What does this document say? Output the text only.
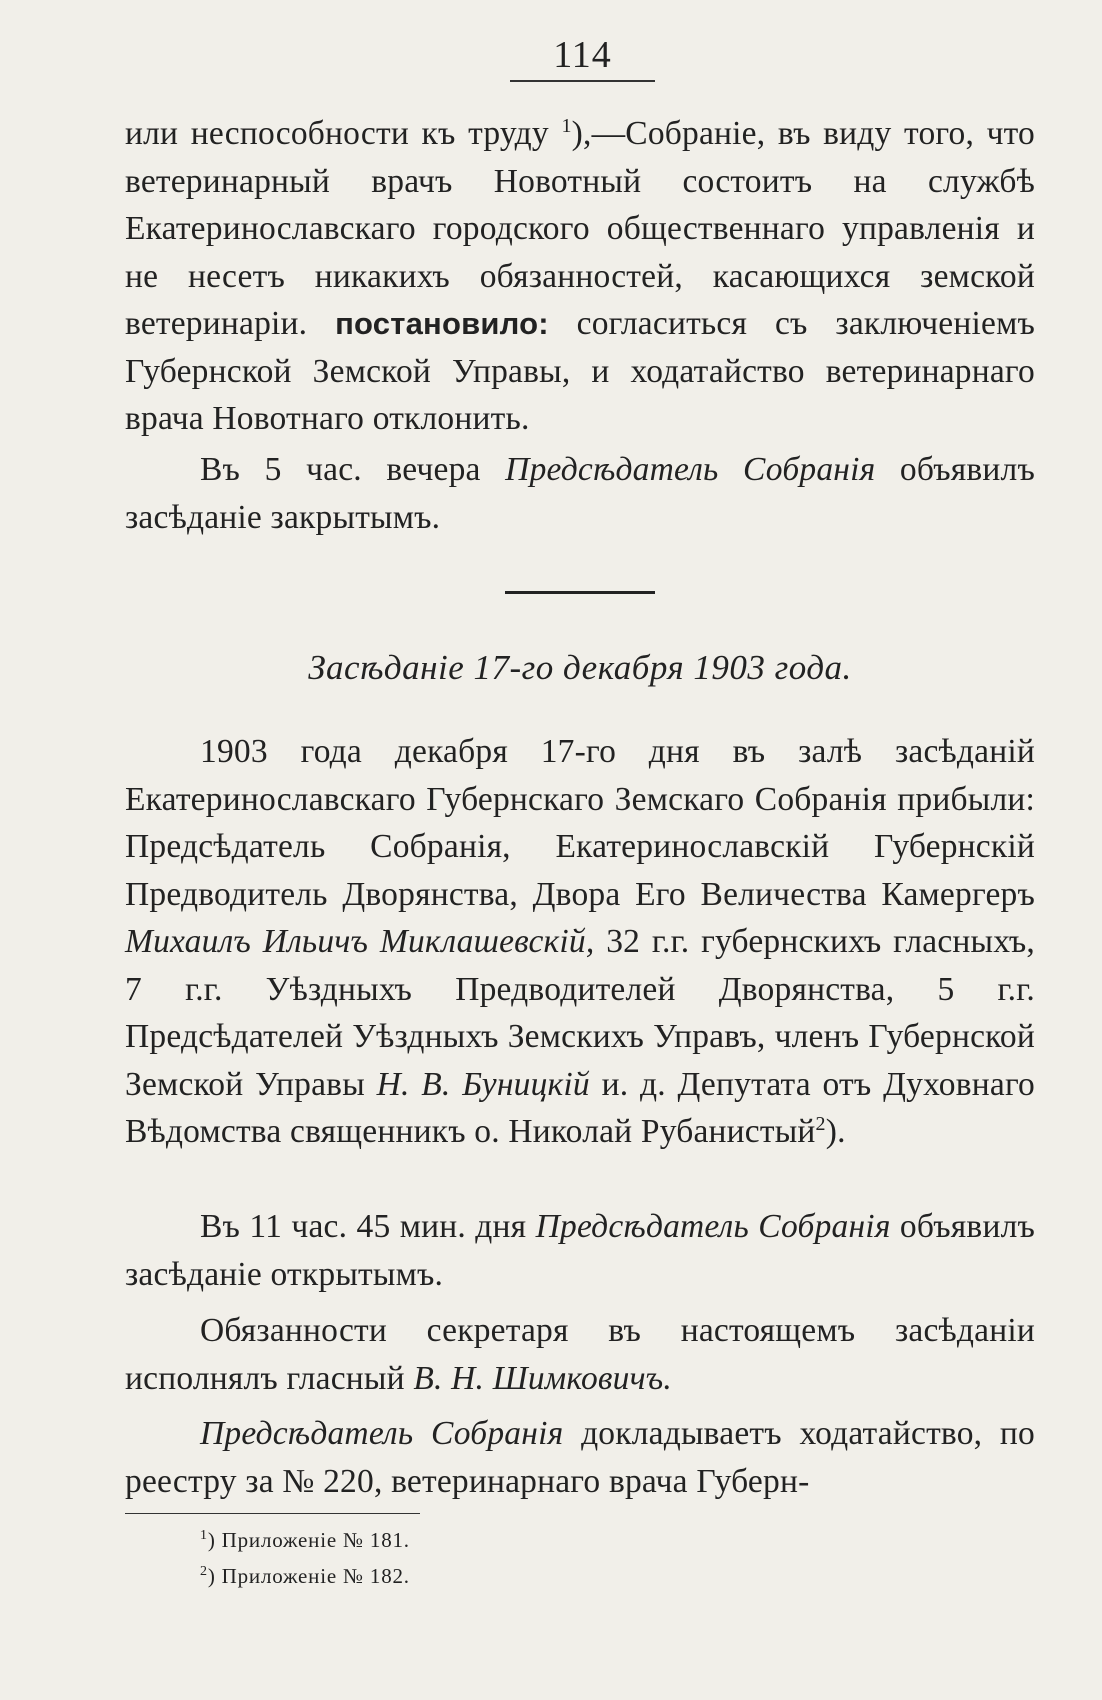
114
или неспособности къ труду $^1$),—Собраніе, въ виду того, что ветеринарный врачъ Новотный состоитъ на службѣ Екатеринославскаго городского общественнаго управленія и не несетъ никакихъ обязанностей, касающихся земской ветеринаріи. постановило: согласиться съ заключеніемъ Губернской Земской Управы, и ходатайство ветеринарнаго врача Новотнаго отклонить.
Въ 5 час. вечера Предсѣдатель Собранія объявилъ засѣданіе закрытымъ.
Засѣданіе 17-го декабря 1903 года.
1903 года декабря 17-го дня въ залѣ засѣданій Екатеринославскаго Губернскаго Земскаго Собранія прибыли: Предсѣдатель Собранія, Екатеринославскій Губернскій Предводитель Дворянства, Двора Его Величества Камергеръ Михаилъ Ильичъ Миклашевскій, 32 г.г. губернскихъ гласныхъ, 7 г.г. Уѣздныхъ Предводителей Дворянства, 5 г.г. Предсѣдателей Уѣздныхъ Земскихъ Управъ, членъ Губернской Земской Управы Н. В. Буницкій и. д. Депутата отъ Духовнаго Вѣдомства священникъ о. Николай Рубанистый$^2$).
Въ 11 час. 45 мин. дня Предсѣдатель Собранія объявилъ засѣданіе открытымъ.
Обязанности секретаря въ настоящемъ засѣданіи исполнялъ гласный В. Н. Шимковичъ.
Предсѣдатель Собранія докладываетъ ходатайство, по реестру за № 220, ветеринарнаго врача Губерн-
$^1$) Приложеніе № 181.
$^2$) Приложеніе № 182.
